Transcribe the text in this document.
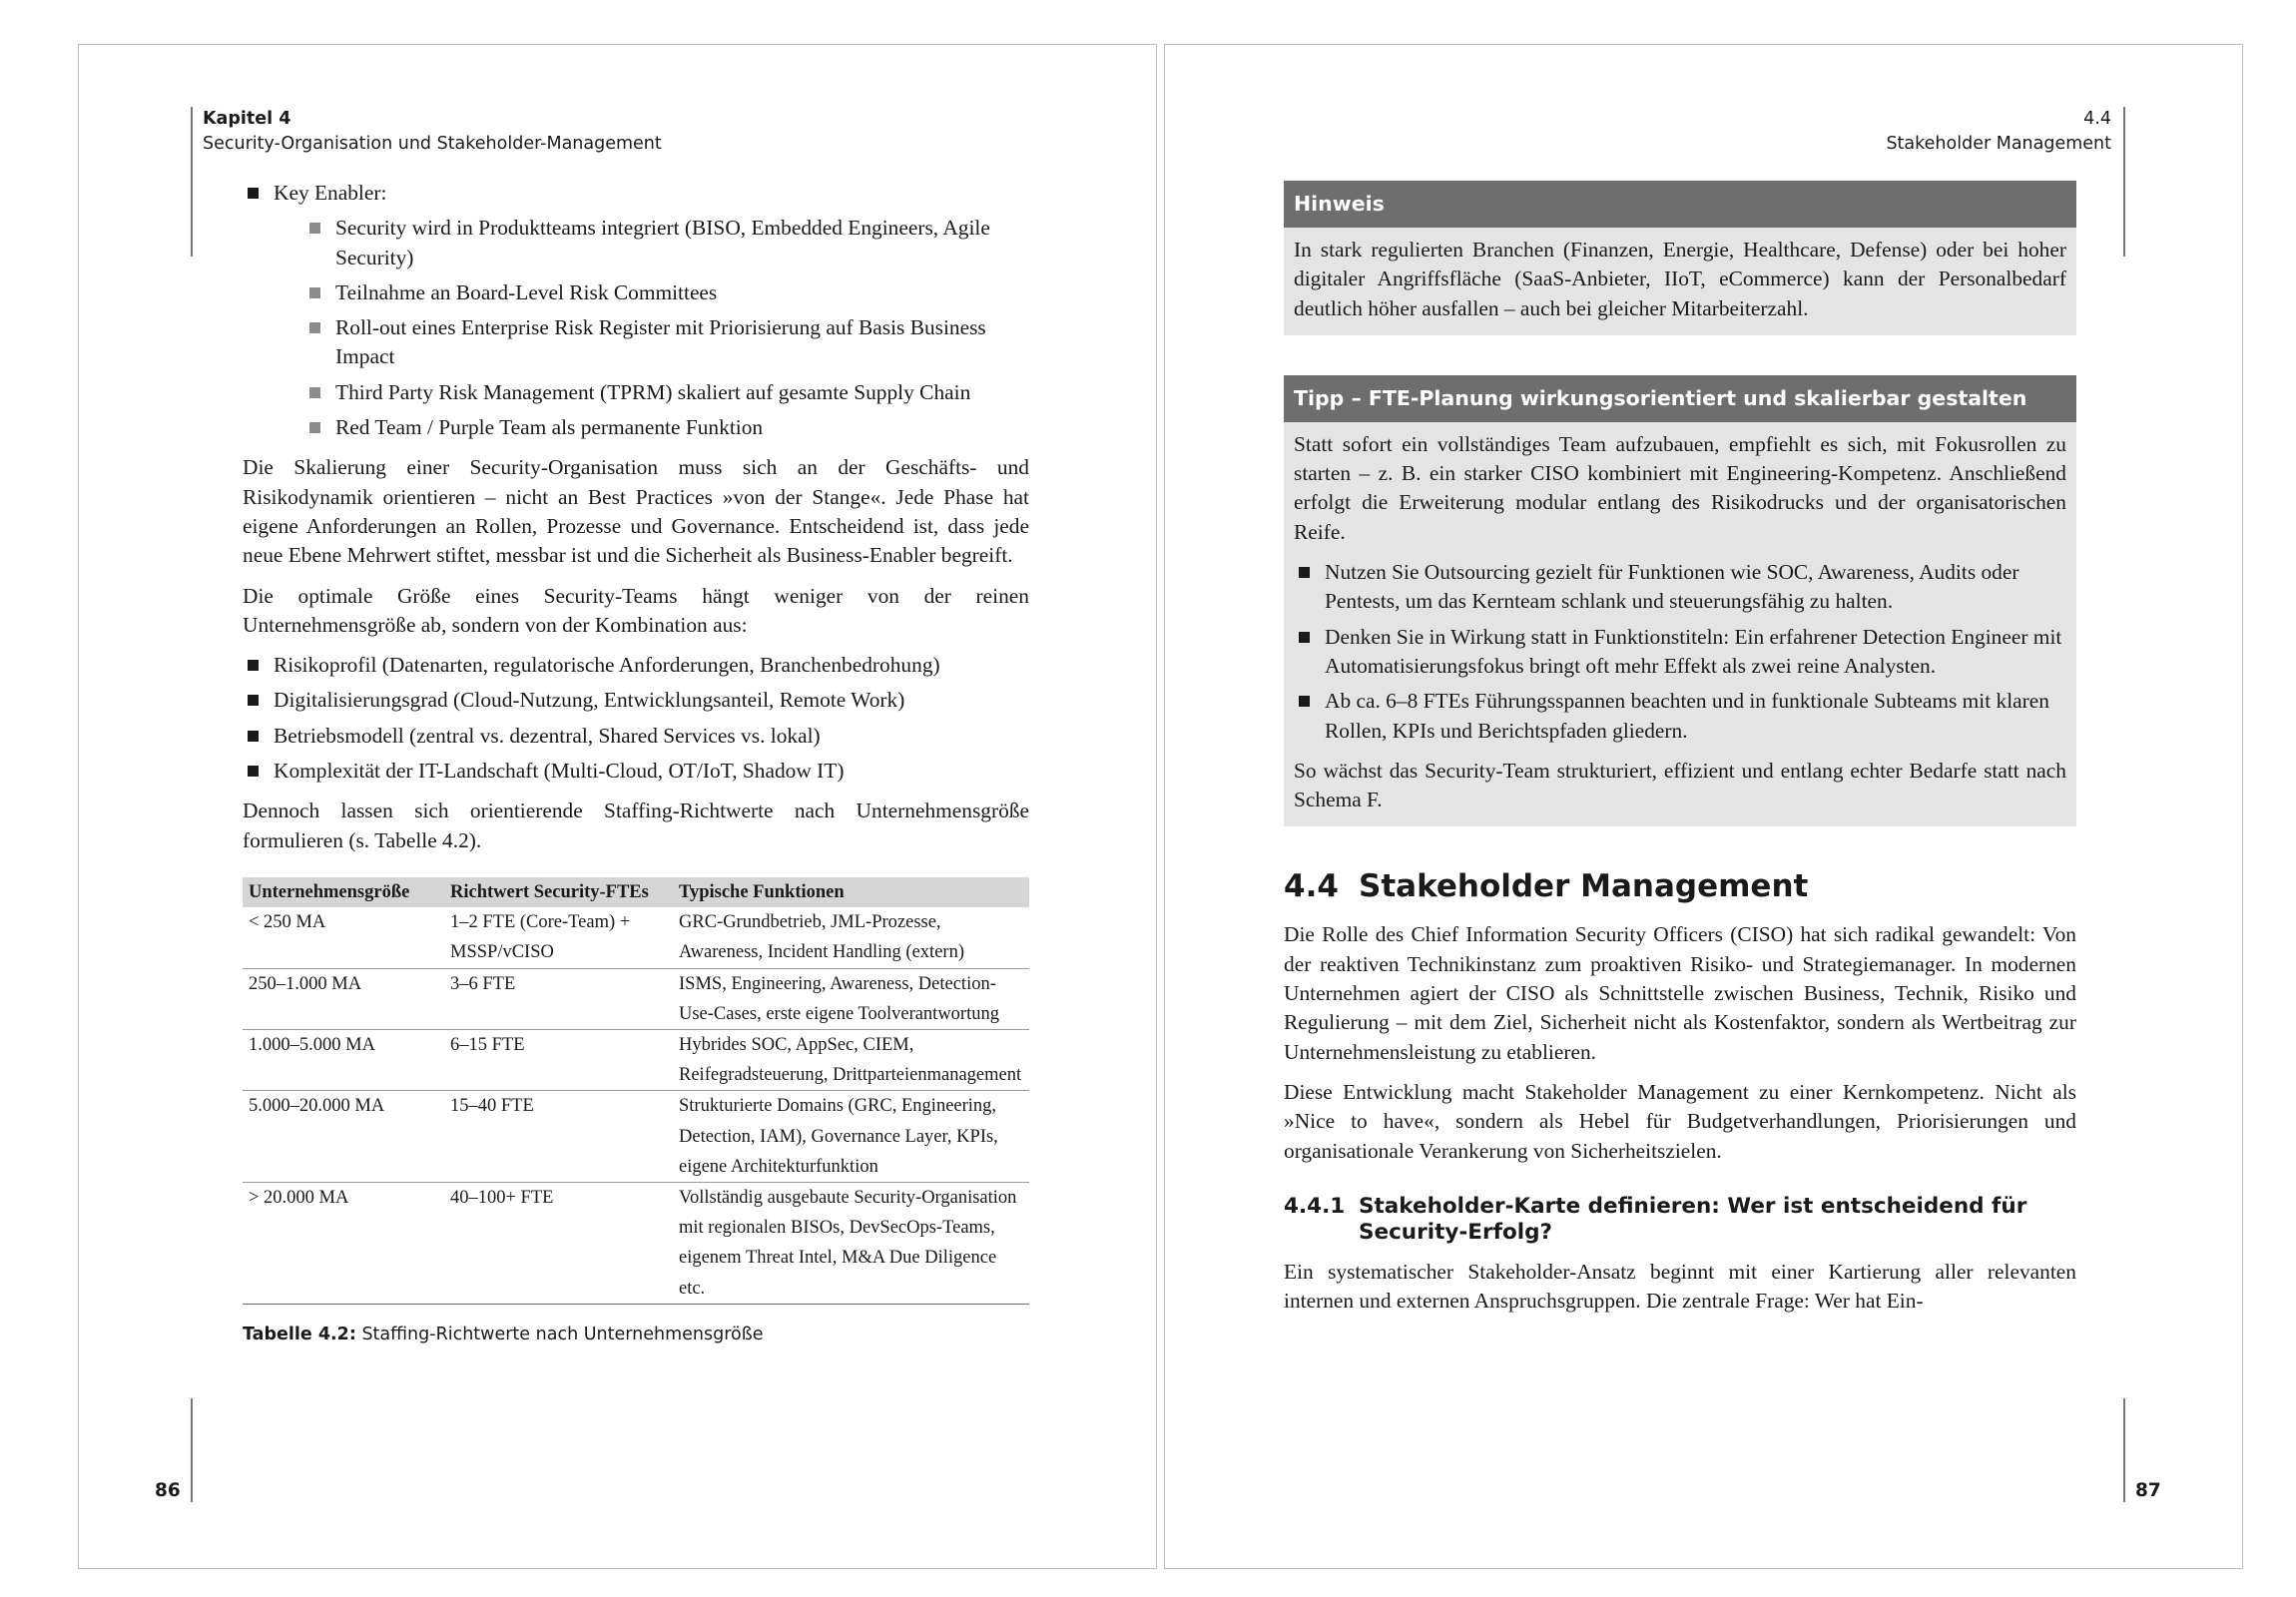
Kapitel 4
Security-Organisation und Stakeholder-Management
Key Enabler:
Security wird in Produktteams integriert (BISO, Embedded Engineers, Agile Security)
Teilnahme an Board-Level Risk Committees
Roll-out eines Enterprise Risk Register mit Priorisierung auf Basis Business Impact
Third Party Risk Management (TPRM) skaliert auf gesamte Supply Chain
Red Team / Purple Team als permanente Funktion

Die Skalierung einer Security-Organisation muss sich an der Geschäfts- und Risikodynamik orientieren – nicht an Best Practices »von der Stange«. Jede Phase hat eigene Anforderungen an Rollen, Prozesse und Governance. Entscheidend ist, dass jede neue Ebene Mehrwert stiftet, messbar ist und die Sicherheit als Business-Enabler begreift.

Die optimale Größe eines Security-Teams hängt weniger von der reinen Unternehmensgröße ab, sondern von der Kombination aus:

Risikoprofil (Datenarten, regulatorische Anforderungen, Branchenbedrohung)
Digitalisierungsgrad (Cloud-Nutzung, Entwicklungsanteil, Remote Work)
Betriebsmodell (zentral vs. dezentral, Shared Services vs. lokal)
Komplexität der IT-Landschaft (Multi-Cloud, OT/IoT, Shadow IT)

Dennoch lassen sich orientierende Staffing-Richtwerte nach Unternehmensgröße formulieren (s. Tabelle 4.2).

Unternehmensgröße	Richtwert Security-FTEs	Typische Funktionen
< 250 MA	1–2 FTE (Core-Team) + MSSP/vCISO	GRC-Grundbetrieb, JML-Prozesse, Awareness, Incident Handling (extern)
250–1.000 MA	3–6 FTE	ISMS, Engineering, Awareness, Detection-Use-Cases, erste eigene Toolverantwortung
1.000–5.000 MA	6–15 FTE	Hybrides SOC, AppSec, CIEM, Reifegradsteuerung, Drittparteienmanagement
5.000–20.000 MA	15–40 FTE	Strukturierte Domains (GRC, Engineering, Detection, IAM), Governance Layer, KPIs, eigene Architekturfunktion
> 20.000 MA	40–100+ FTE	Vollständig ausgebaute Security-Organisation mit regionalen BISOs, DevSecOps-Teams, eigenem Threat Intel, M&A Due Diligence etc.
Tabelle 4.2: Staffing-Richtwerte nach Unternehmensgröße
86
4.4
Stakeholder Management
Hinweis

In stark regulierten Branchen (Finanzen, Energie, Healthcare, Defense) oder bei hoher digitaler Angriffsfläche (SaaS-Anbieter, IIoT, eCommerce) kann der Personalbedarf deutlich höher ausfallen – auch bei gleicher Mitarbeiterzahl.

Tipp – FTE-Planung wirkungsorientiert und skalierbar gestalten

Statt sofort ein vollständiges Team aufzubauen, empfiehlt es sich, mit Fokusrollen zu starten – z. B. ein starker CISO kombiniert mit Engineering-Kompetenz. Anschließend erfolgt die Erweiterung modular entlang des Risikodrucks und der organisatorischen Reife.

Nutzen Sie Outsourcing gezielt für Funktionen wie SOC, Awareness, Audits oder Pentests, um das Kernteam schlank und steuerungsfähig zu halten.
Denken Sie in Wirkung statt in Funktionstiteln: Ein erfahrener Detection Engineer mit Automatisierungsfokus bringt oft mehr Effekt als zwei reine Analysten.
Ab ca. 6–8 FTEs Führungsspannen beachten und in funktionale Subteams mit klaren Rollen, KPIs und Berichtspfaden gliedern.

So wächst das Security-Team strukturiert, effizient und entlang echter Bedarfe statt nach Schema F.

4.4 Stakeholder Management

Die Rolle des Chief Information Security Officers (CISO) hat sich radikal gewandelt: Von der reaktiven Technikinstanz zum proaktiven Risiko- und Strategiemanager. In modernen Unternehmen agiert der CISO als Schnittstelle zwischen Business, Technik, Risiko und Regulierung – mit dem Ziel, Sicherheit nicht als Kostenfaktor, sondern als Wertbeitrag zur Unternehmensleistung zu etablieren.

Diese Entwicklung macht Stakeholder Management zu einer Kernkompetenz. Nicht als »Nice to have«, sondern als Hebel für Budgetverhandlungen, Priorisierungen und organisationale Verankerung von Sicherheitszielen.

4.4.1 Stakeholder-Karte definieren: Wer ist entscheidend für Security-Erfolg?

Ein systematischer Stakeholder-Ansatz beginnt mit einer Kartierung aller relevanten internen und externen Anspruchsgruppen. Die zentrale Frage: Wer hat Ein-

87
